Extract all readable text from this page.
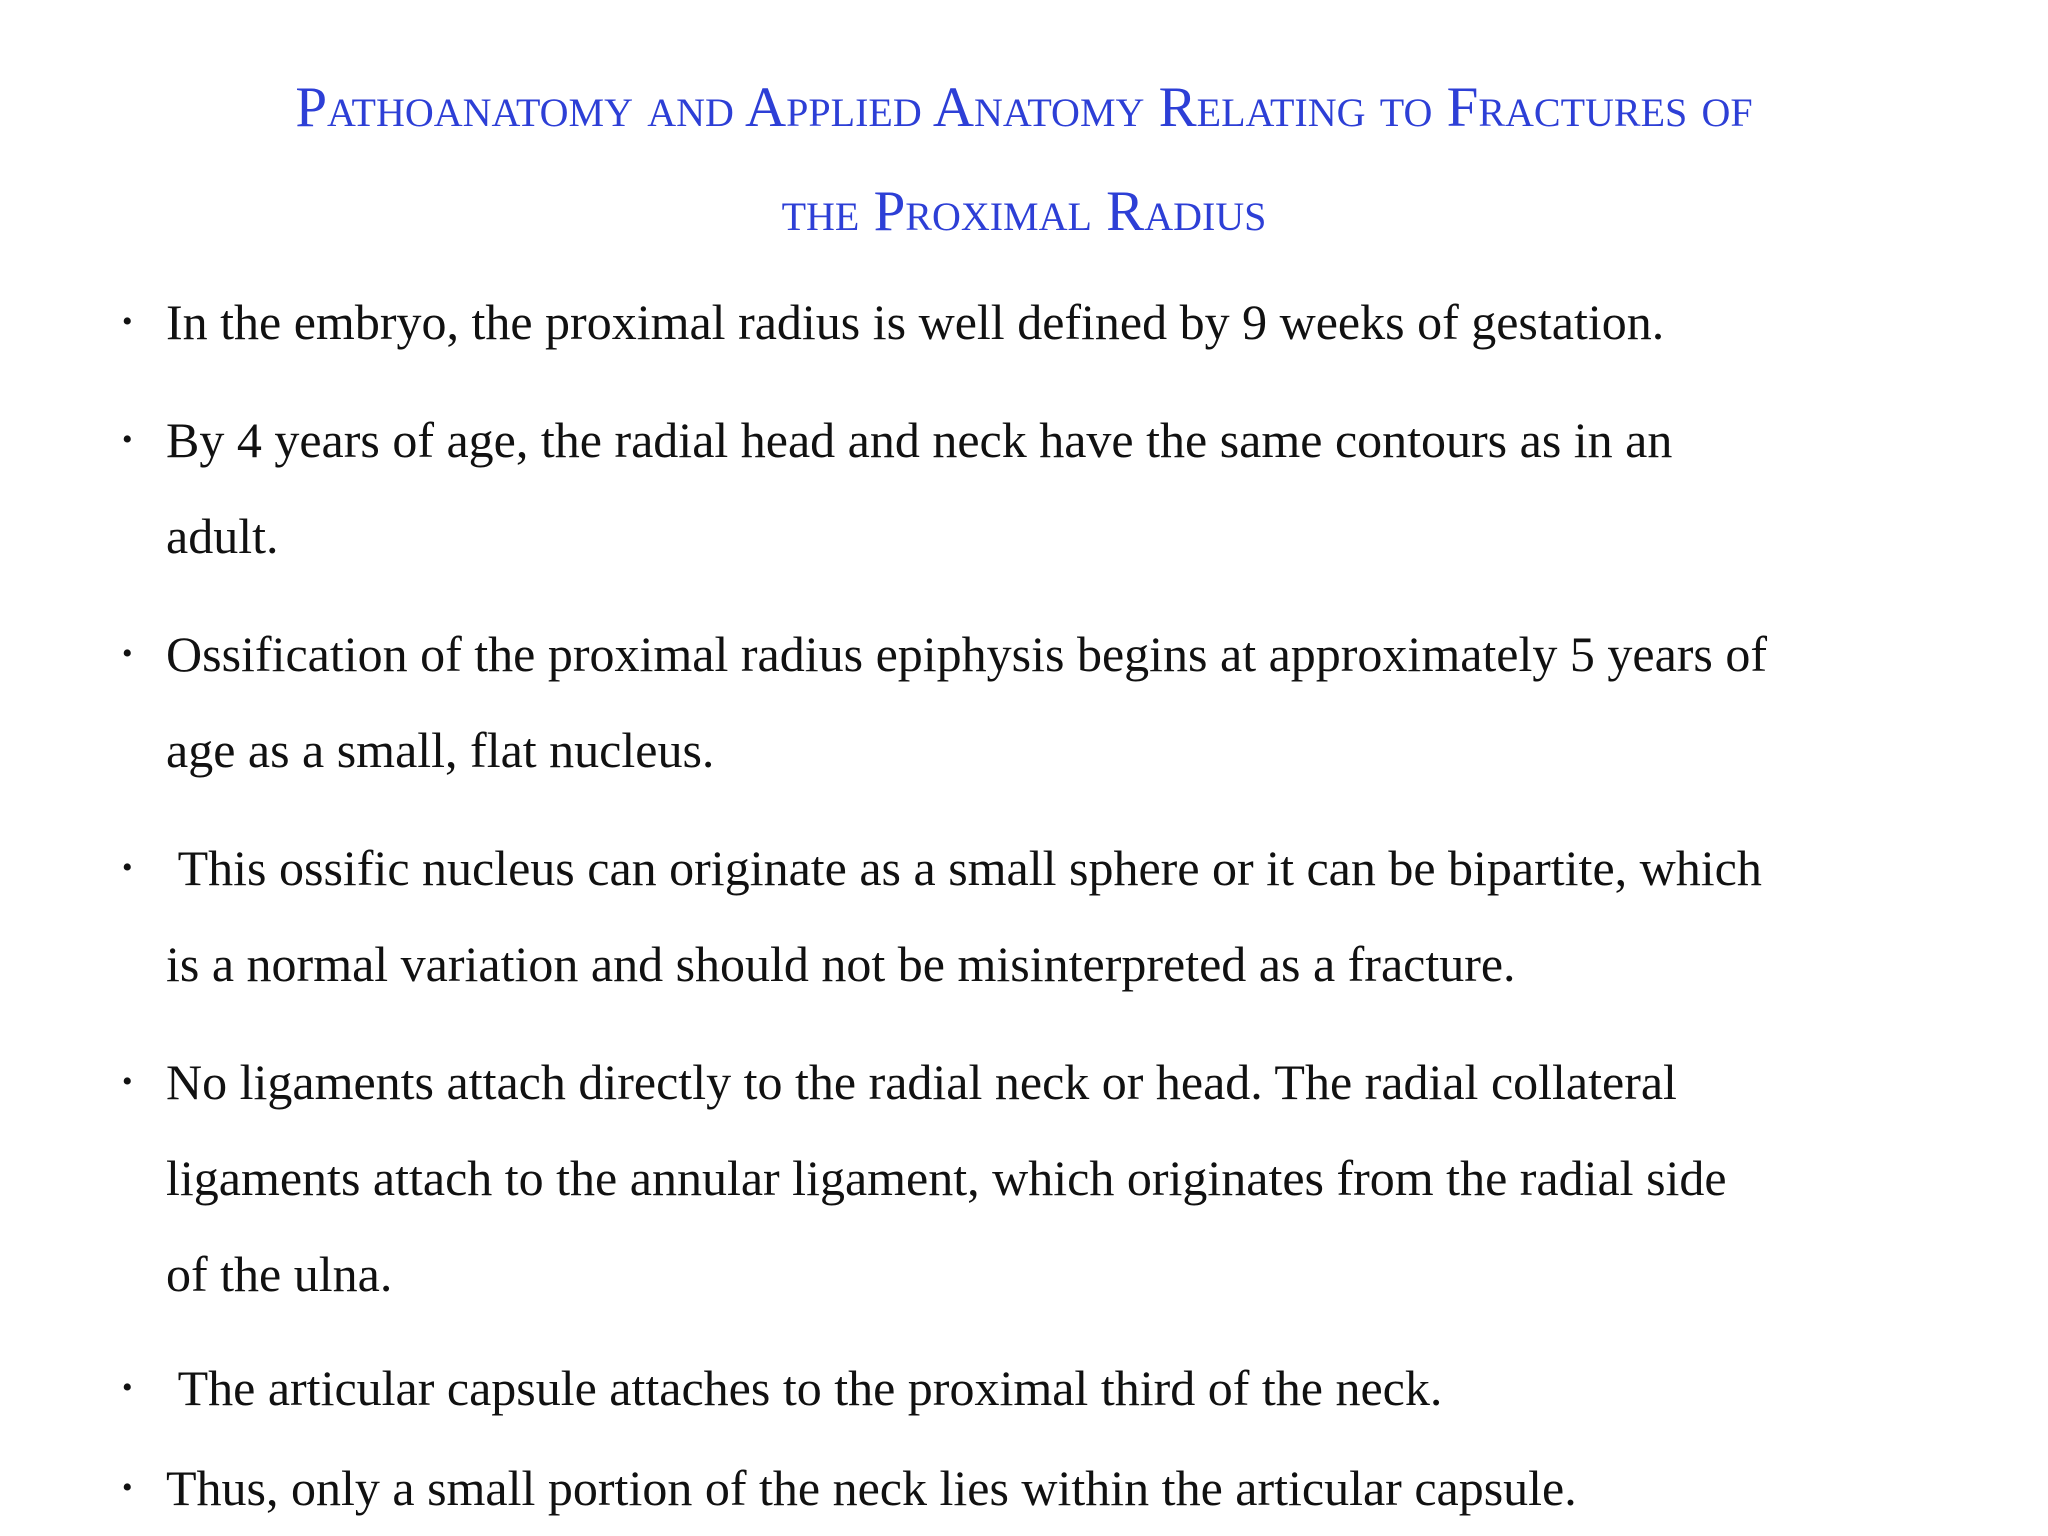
Pathoanatomy and Applied Anatomy Relating to Fractures of
the Proximal Radius
• In the embryo, the proximal radius is well defined by 9 weeks of gestation.
• By 4 years of age, the radial head and neck have the same contours as in an
adult.
• Ossification of the proximal radius epiphysis begins at approximately 5 years of
age as a small, flat nucleus.
• This ossific nucleus can originate as a small sphere or it can be bipartite, which
is a normal variation and should not be misinterpreted as a fracture.
• No ligaments attach directly to the radial neck or head. The radial collateral
ligaments attach to the annular ligament, which originates from the radial side
of the ulna.
• The articular capsule attaches to the proximal third of the neck.
• Thus, only a small portion of the neck lies within the articular capsule.
